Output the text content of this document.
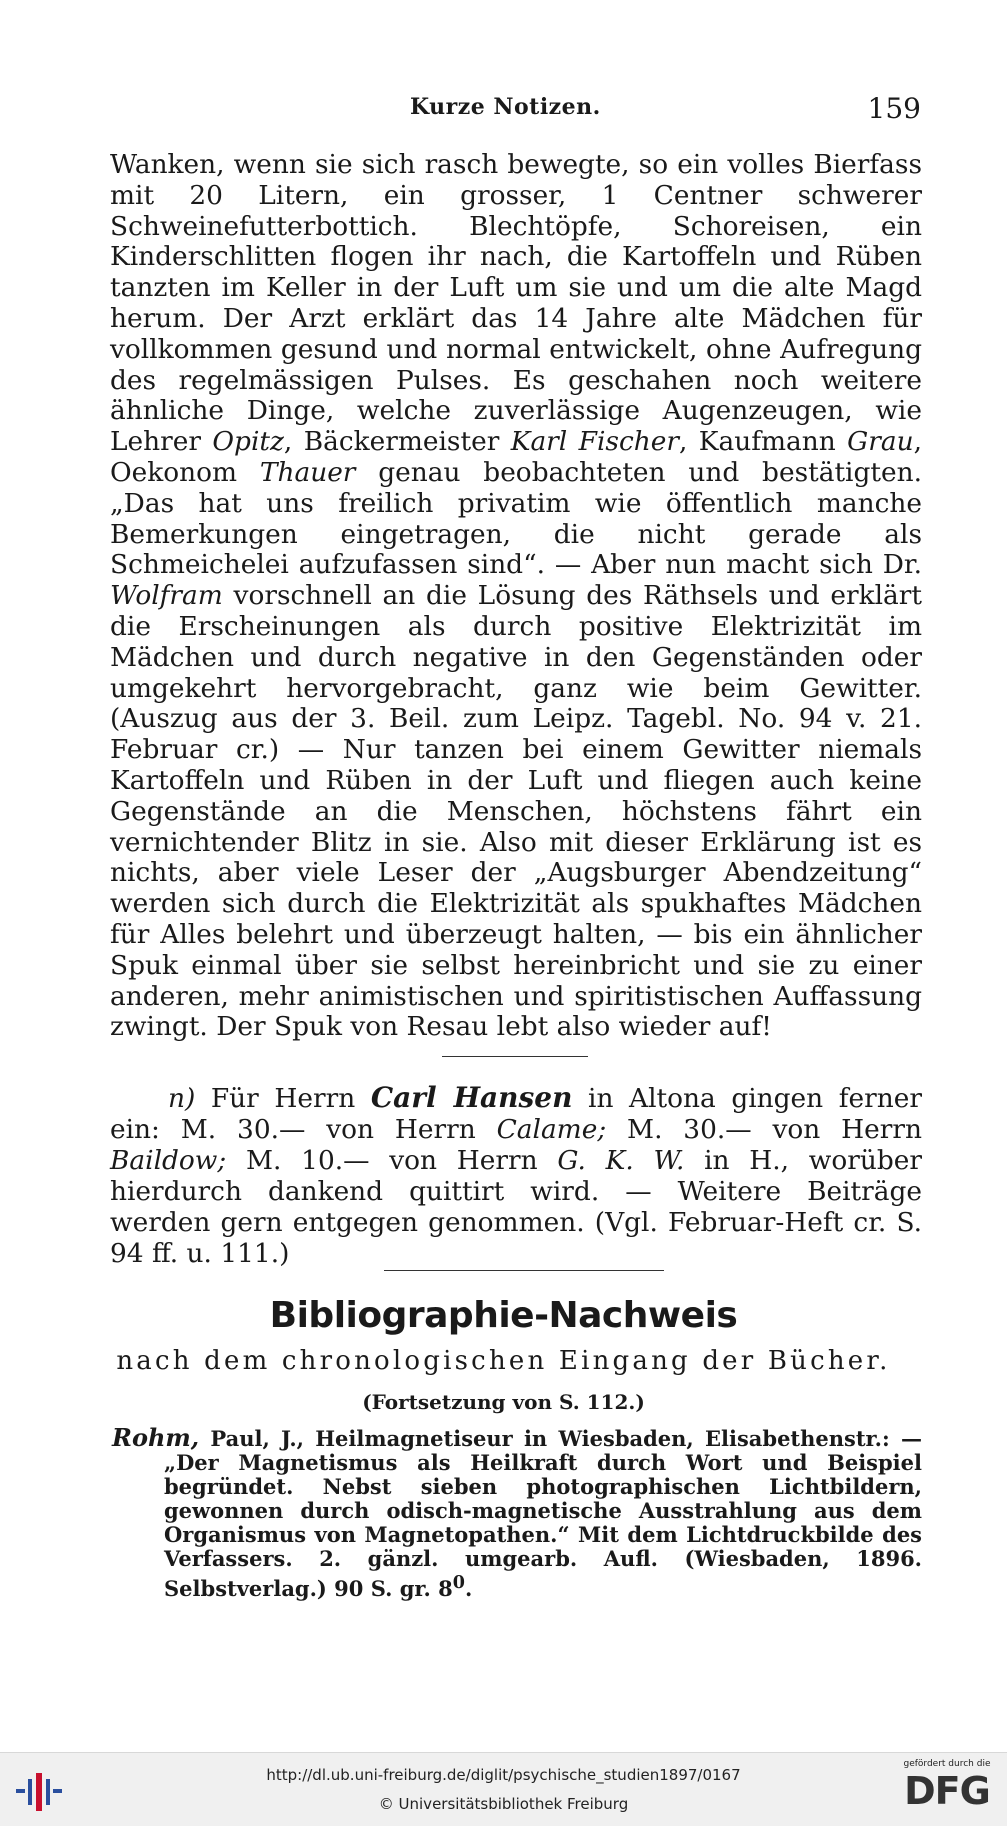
Kurze Notizen.	159

Wanken, wenn sie sich rasch bewegte, so ein volles Bierfass mit 20 Litern, ein grosser, 1 Centner schwerer Schweinefutterbottich. Blechtöpfe, Schoreisen, ein Kinderschlitten flogen ihr nach, die Kartoffeln und Rüben tanzten im Keller in der Luft um sie und um die alte Magd herum. Der Arzt erklärt das 14 Jahre alte Mädchen für vollkommen gesund und normal entwickelt, ohne Aufregung des regelmässigen Pulses. Es geschahen noch weitere ähnliche Dinge, welche zuverlässige Augenzeugen, wie Lehrer Opitz, Bäckermeister Karl Fischer, Kaufmann Grau, Oekonom Thauer genau beobachteten und bestätigten. „Das hat uns freilich privatim wie öffentlich manche Bemerkungen eingetragen, die nicht gerade als Schmeichelei aufzufassen sind“. — Aber nun macht sich Dr. Wolfram vorschnell an die Lösung des Räthsels und erklärt die Erscheinungen als durch positive Elektrizität im Mädchen und durch negative in den Gegenständen oder umgekehrt hervorgebracht, ganz wie beim Gewitter. (Auszug aus der 3. Beil. zum Leipz. Tagebl. No. 94 v. 21. Februar cr.) — Nur tanzen bei einem Gewitter niemals Kartoffeln und Rüben in der Luft und fliegen auch keine Gegenstände an die Menschen, höchstens fährt ein vernichtender Blitz in sie. Also mit dieser Erklärung ist es nichts, aber viele Leser der „Augsburger Abendzeitung“ werden sich durch die Elektrizität als spukhaftes Mädchen für Alles belehrt und überzeugt halten, — bis ein ähnlicher Spuk einmal über sie selbst hereinbricht und sie zu einer anderen, mehr animistischen und spiritistischen Auffassung zwingt. Der Spuk von Resau lebt also wieder auf!

n) Für Herrn Carl Hansen in Altona gingen ferner ein: M. 30.— von Herrn Calame; M. 30.— von Herrn Baildow; M. 10.— von Herrn G. K. W. in H., worüber hierdurch dankend quittirt wird. — Weitere Beiträge werden gern entgegen genommen. (Vgl. Februar-Heft cr. S. 94 ff. u. 111.)

Bibliographie-Nachweis
nach dem chronologischen Eingang der Bücher.
(Fortsetzung von S. 112.)
Rohm, Paul, J., Heilmagnetiseur in Wiesbaden, Elisabethenstr.: — „Der Magnetismus als Heilkraft durch Wort und Beispiel begründet. Nebst sieben photographischen Lichtbildern, gewonnen durch odisch-magnetische Ausstrahlung aus dem Organismus von Magnetopathen.“ Mit dem Lichtdruckbilde des Verfassers. 2. gänzl. umgearb. Aufl. (Wiesbaden, 1896. Selbstverlag.) 90 S. gr. $8^0$.
http://dl.ub.uni-freiburg.de/diglit/psychische_studien1897/0167
© Universitätsbibliothek Freiburg
gefördert durch die
DFG
